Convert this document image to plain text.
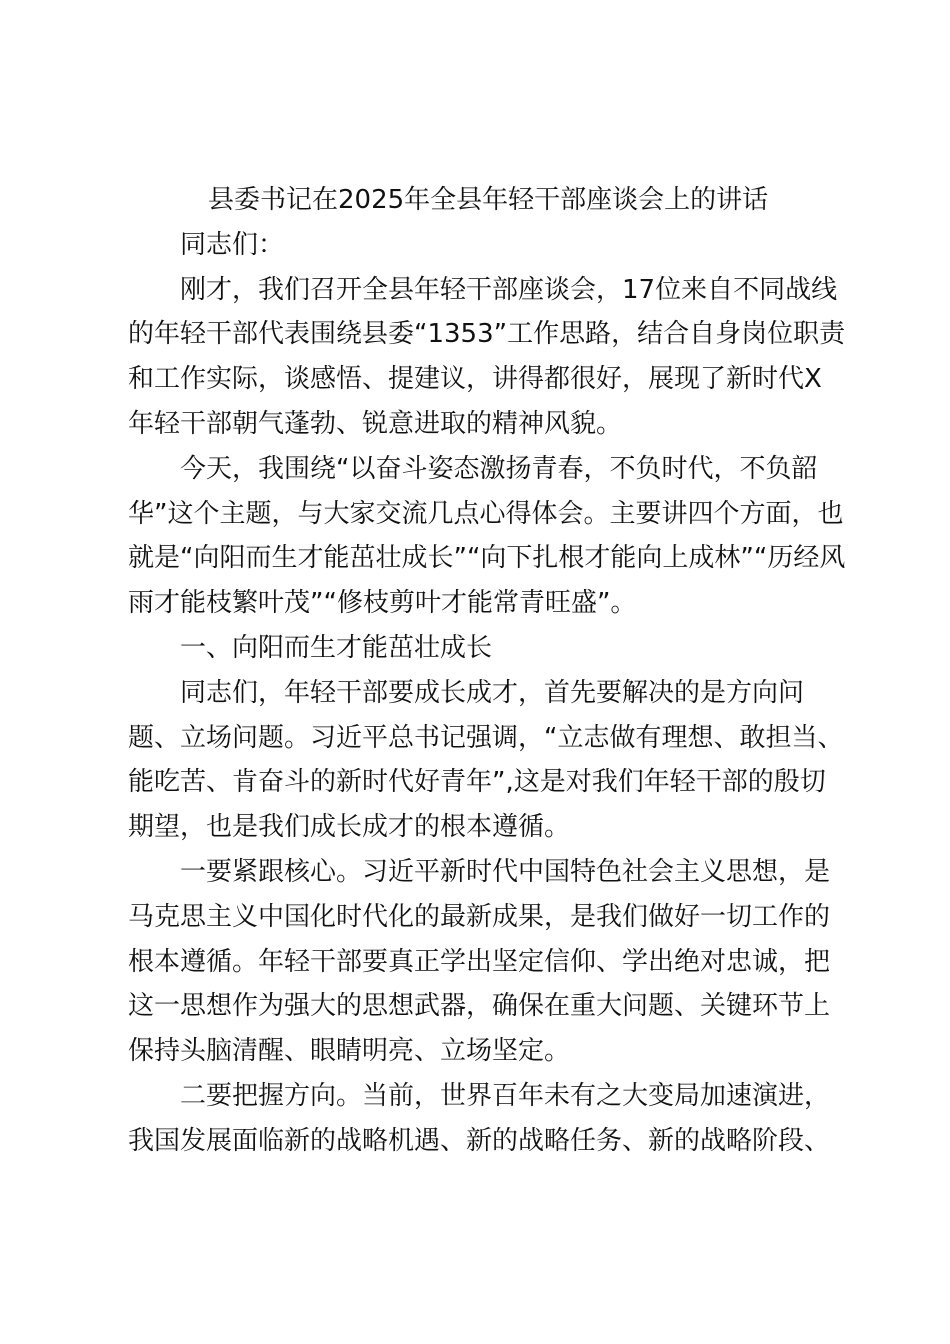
县委书记在2025年全县年轻干部座谈会上的讲话
同志们：
刚才，我们召开全县年轻干部座谈会，17位来自不同战线
的年轻干部代表围绕县委“1353”工作思路，结合自身岗位职责
和工作实际，谈感悟、提建议，讲得都很好，展现了新时代X
年轻干部朝气蓬勃、锐意进取的精神风貌。
今天，我围绕“以奋斗姿态激扬青春，不负时代，不负韶
华”这个主题，与大家交流几点心得体会。主要讲四个方面，也
就是“向阳而生才能茁壮成长”“向下扎根才能向上成林”“历经风
雨才能枝繁叶茂”“修枝剪叶才能常青旺盛”。
一、向阳而生才能茁壮成长
同志们，年轻干部要成长成才，首先要解决的是方向问
题、立场问题。习近平总书记强调，“立志做有理想、敢担当、
能吃苦、肯奋斗的新时代好青年”,这是对我们年轻干部的殷切
期望，也是我们成长成才的根本遵循。
一要紧跟核心。习近平新时代中国特色社会主义思想，是
马克思主义中国化时代化的最新成果，是我们做好一切工作的
根本遵循。年轻干部要真正学出坚定信仰、学出绝对忠诚，把
这一思想作为强大的思想武器，确保在重大问题、关键环节上
保持头脑清醒、眼睛明亮、立场坚定。
二要把握方向。当前，世界百年未有之大变局加速演进，
我国发展面临新的战略机遇、新的战略任务、新的战略阶段、
